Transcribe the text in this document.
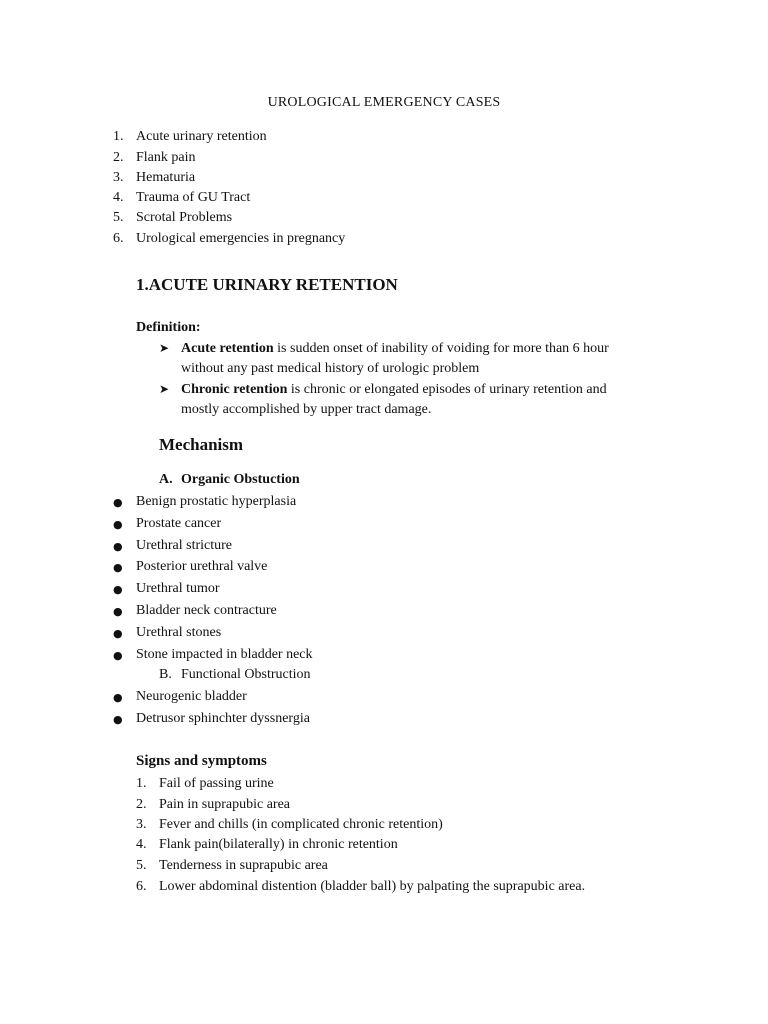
UROLOGICAL EMERGENCY CASES
1. Acute urinary retention
2. Flank pain
3. Hematuria
4. Trauma of GU Tract
5. Scrotal Problems
6. Urological emergencies in pregnancy
1.ACUTE URINARY RETENTION
Definition:
➤ Acute retention is sudden onset of inability of voiding for more than 6 hour
without any past medical history of urologic problem
➤ Chronic retention is chronic or elongated episodes of urinary retention and
mostly accomplished by upper tract damage.
Mechanism
A. Organic Obstuction
● Benign prostatic hyperplasia
● Prostate cancer
● Urethral stricture
● Posterior urethral valve
● Urethral tumor
● Bladder neck contracture
● Urethral stones
● Stone impacted in bladder neck
B. Functional Obstruction
● Neurogenic bladder
● Detrusor sphinchter dyssnergia
Signs and symptoms
1. Fail of passing urine
2. Pain in suprapubic area
3. Fever and chills (in complicated chronic retention)
4. Flank pain(bilaterally) in chronic retention
5. Tenderness in suprapubic area
6. Lower abdominal distention (bladder ball) by palpating the suprapubic area.
